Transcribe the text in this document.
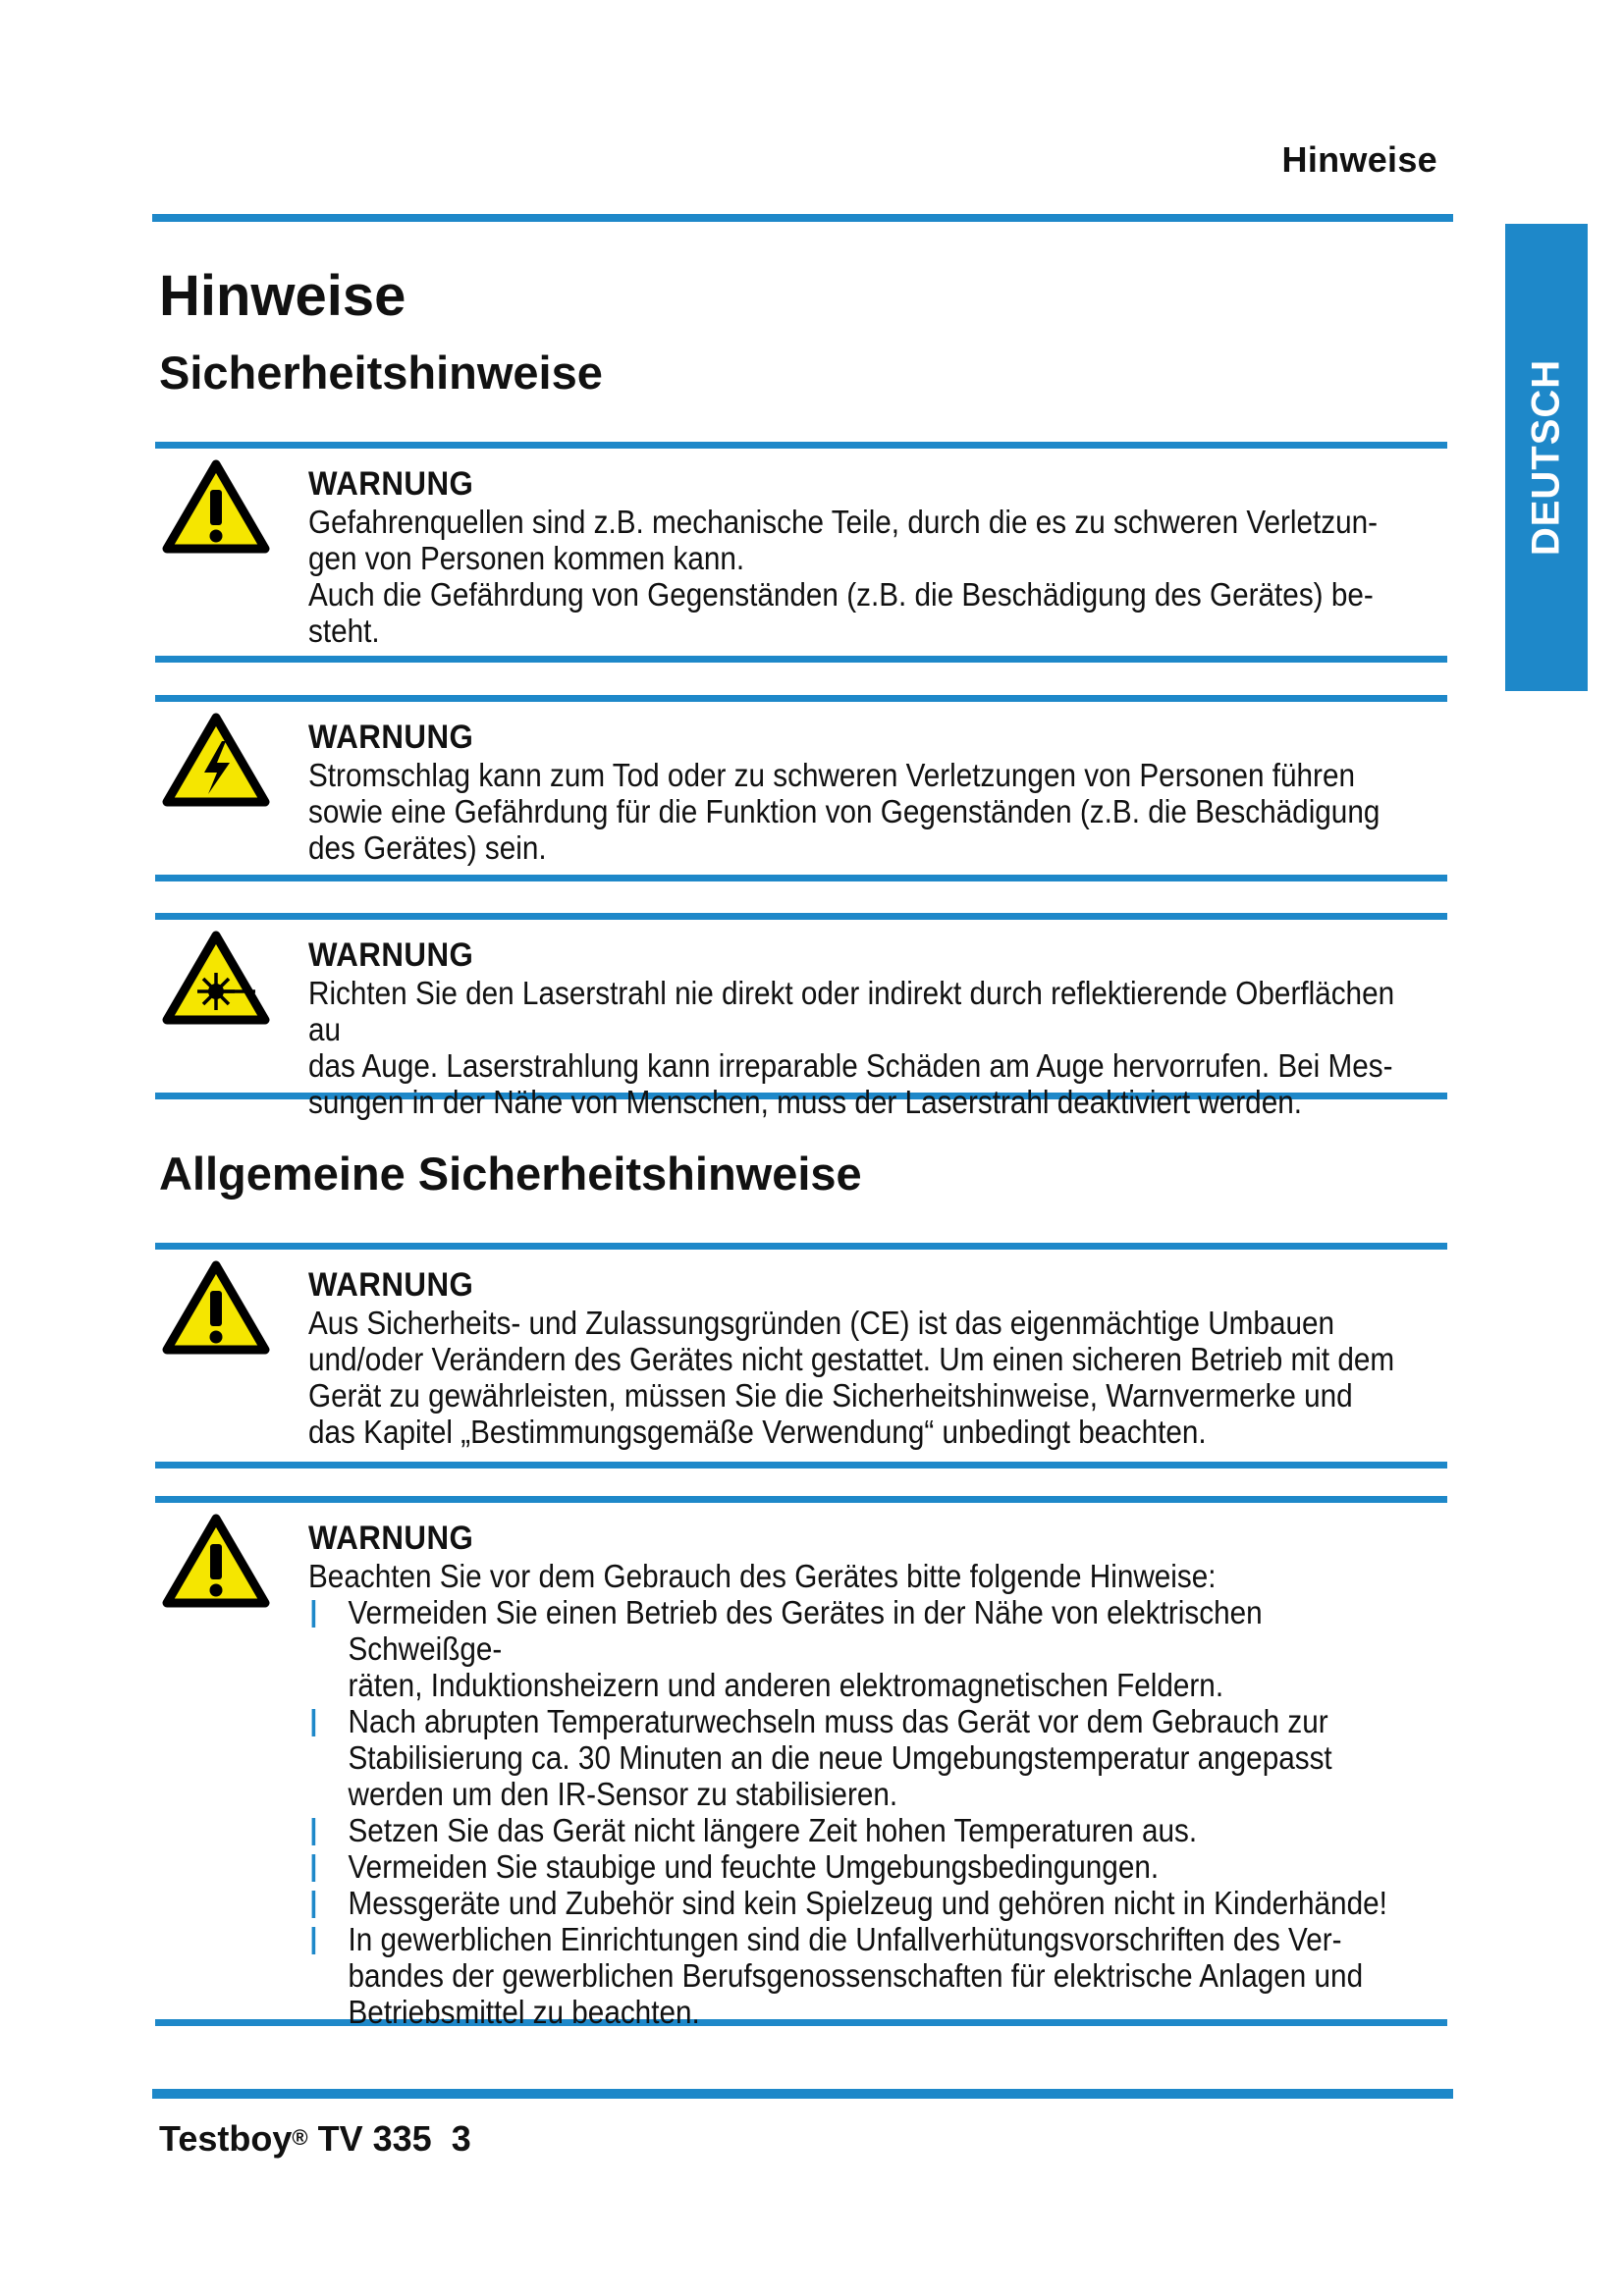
Hinweise
DEUTSCH
Hinweise
Sicherheitshinweise
WARNUNG
Gefahrenquellen sind z.B. mechanische Teile, durch die es zu schweren Verletzun-
gen von Personen kommen kann.
Auch die Gefährdung von Gegenständen (z.B. die Beschädigung des Gerätes) be-
steht.
WARNUNG
Stromschlag kann zum Tod oder zu schweren Verletzungen von Personen führen
sowie eine Gefährdung für die Funktion von Gegenständen (z.B. die Beschädigung
des Gerätes) sein.
WARNUNG
Richten Sie den Laserstrahl nie direkt oder indirekt durch reflektierende Oberflächen au
das Auge. Laserstrahlung kann irreparable Schäden am Auge hervorrufen. Bei Mes-
sungen in der Nähe von Menschen, muss der Laserstrahl deaktiviert werden.
Allgemeine Sicherheitshinweise
WARNUNG
Aus Sicherheits- und Zulassungsgründen (CE) ist das eigenmächtige Umbauen
und/oder Verändern des Gerätes nicht gestattet. Um einen sicheren Betrieb mit dem
Gerät zu gewährleisten, müssen Sie die Sicherheitshinweise, Warnvermerke und
das Kapitel „Bestimmungsgemäße Verwendung“ unbedingt beachten.
WARNUNG
Beachten Sie vor dem Gebrauch des Gerätes bitte folgende Hinweise:
Vermeiden Sie einen Betrieb des Gerätes in der Nähe von elektrischen Schweißge-
räten, Induktionsheizern und anderen elektromagnetischen Feldern.
Nach abrupten Temperaturwechseln muss das Gerät vor dem Gebrauch zur
Stabilisierung ca. 30 Minuten an die neue Umgebungstemperatur angepasst
werden um den IR-Sensor zu stabilisieren.
Setzen Sie das Gerät nicht längere Zeit hohen Temperaturen aus.
Vermeiden Sie staubige und feuchte Umgebungsbedingungen.
Messgeräte und Zubehör sind kein Spielzeug und gehören nicht in Kinderhände!
In gewerblichen Einrichtungen sind die Unfallverhütungsvorschriften des Ver-
bandes der gewerblichen Berufsgenossenschaften für elektrische Anlagen und
Betriebsmittel zu beachten.
Testboy® TV 335 3
